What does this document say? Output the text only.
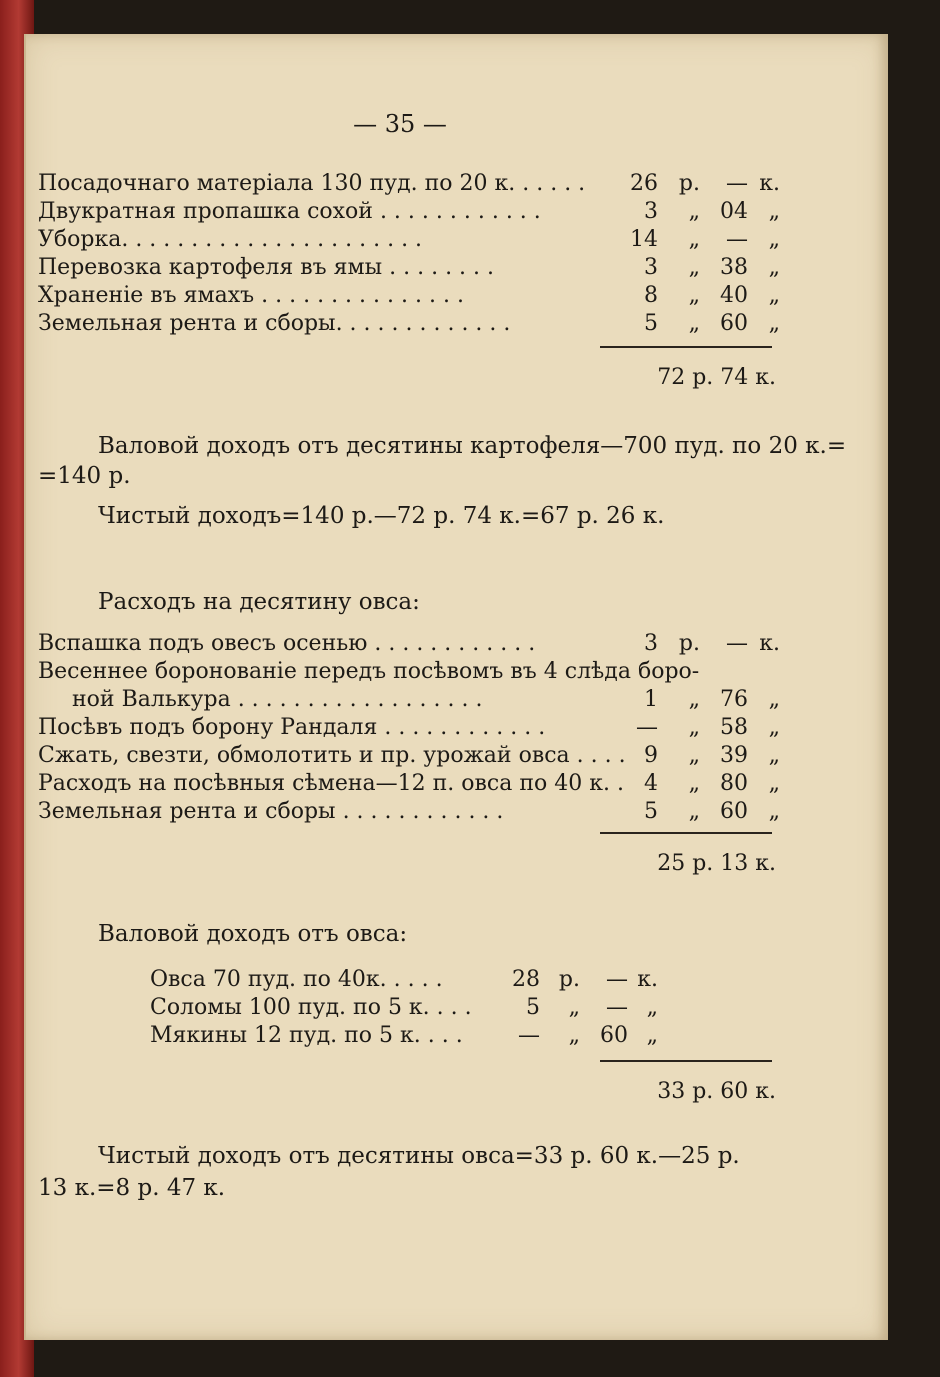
— 35 —
Посадочнаго матеріала 130 пуд. по 20 к. . . . . .	26 р.	— к.
Двукратная пропашка сохой . . . . . . . . . . . .	3	„ 04 „
Уборка. . . . . . . . . . . . . . . . . . . . . .	14	„	— „
Перевозка картофеля въ ямы . . . . . . . .	3	„ 38 „
Храненіе въ ямахъ . . . . . . . . . . . . . . .	8	„ 40 „
Земельная рента и сборы. . . . . . . . . . . . .	5	„ 60 „
72 р. 74 к.
Валовой доходъ отъ десятины картофеля—700 пуд. по 20 к.=
=140 р.
Чистый доходъ=140 р.—72 р. 74 к.=67 р. 26 к.
Расходъ на десятину овса:
Вспашка подъ овесъ осенью . . . . . . . . . . . .	3 р.	— к.
Весеннее боронованіе передъ посѣвомъ въ 4 слѣда боро-
ной Валькура . . . . . . . . . . . . . . . . . .	1	„ 76 „
Посѣвъ подъ борону Рандаля . . . . . . . . . . . .	—	„ 58 „
Сжать, свезти, обмолотить и пр. урожай овса . . . . 9	„ 39 „
Расходъ на посѣвныя сѣмена—12 п. овса по 40 к. . 4	„ 80 „
Земельная рента и сборы . . . . . . . . . . . .	5	„ 60 „
25 р. 13 к.
Валовой доходъ отъ овса:
Овса 70 пуд. по 40к. . . . .	28 р.	— к.
Соломы 100 пуд. по 5 к. . . .	5	„	— „
Мякины 12 пуд. по 5 к. . . .	—	„ 60 „
33 р. 60 к.
Чистый доходъ отъ десятины овса=33 р. 60 к.—25 р.
13 к.=8 р. 47 к.
